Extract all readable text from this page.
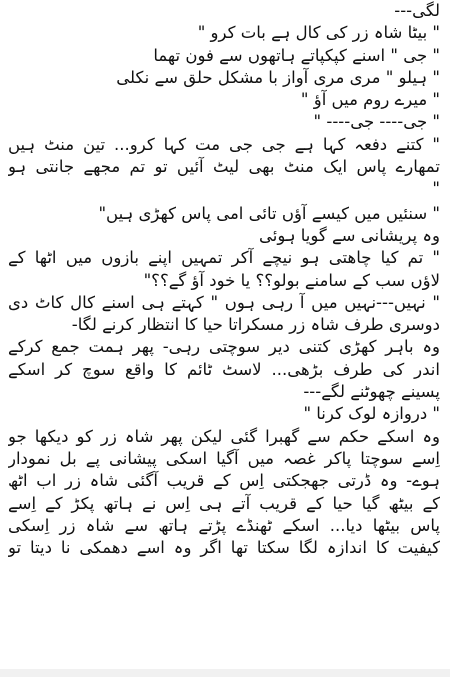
لگی---
" بیٹا شاہ زر کی کال ہے بات کرو "
" جی " اسنے کپکپاتے ہاتھوں سے فون تھما
" ہیلو " مری مری آواز با مشکل حلق سے نکلی
" میرے روم میں آؤ "
" جی---- جی---- "
" کتنے دفعہ کہا ہے جی جی مت کہا کرو... تین منٹ ہیں
تمھارے پاس ایک منٹ بھی لیٹ آئیں تو تم مجھے جانتی ہو
"
" سنئیں میں کیسے آؤں تائی امی پاس کھڑی ہیں"
وہ پریشانی سے گویا ہوئی
" تم کیا چاھتی ہو نیچے آکر تمہیں اپنے بازوں میں اٹھا کے
لاؤں سب کے سامنے بولو؟؟ یا خود آؤ گے؟؟"
" نہیں---نہیں میں آ رہی ہوں " کہتے ہی اسنے کال کاٹ دی
دوسری طرف شاہ زر مسکراتا حیا کا انتظار کرنے لگا-
وہ باہر کھڑی کتنی دیر سوچتی رہی- پھر ہمت جمع کرکے
اندر کی طرف بڑھی... لاسٹ ٹائم کا واقع سوچ کر اسکے
پسینے چھوٹنے لگے---
" دروازہ لوک کرنا "
وہ اسکے حکم سے گھبرا گئی لیکن پھر شاہ زر کو دیکھا جو
اِسے سوچتا پاکر غصہ میں آگیا اسکی پیشانی پے بل نمودار
ہوے- وہ ڈرتی جھجکتی اِس کے قریب آگئی شاہ زر اب اٹھ
کے بیٹھ گیا حیا کے قریب آتے ہی اِس نے ہاتھ پکڑ کے اِسے
پاس بیٹھا دیا... اسکے ٹھنڈے پڑتے ہاتھ سے شاہ زر اِسکی
کیفیت کا اندازہ لگا سکتا تھا اگر وہ اسے دھمکی نا دیتا تو
